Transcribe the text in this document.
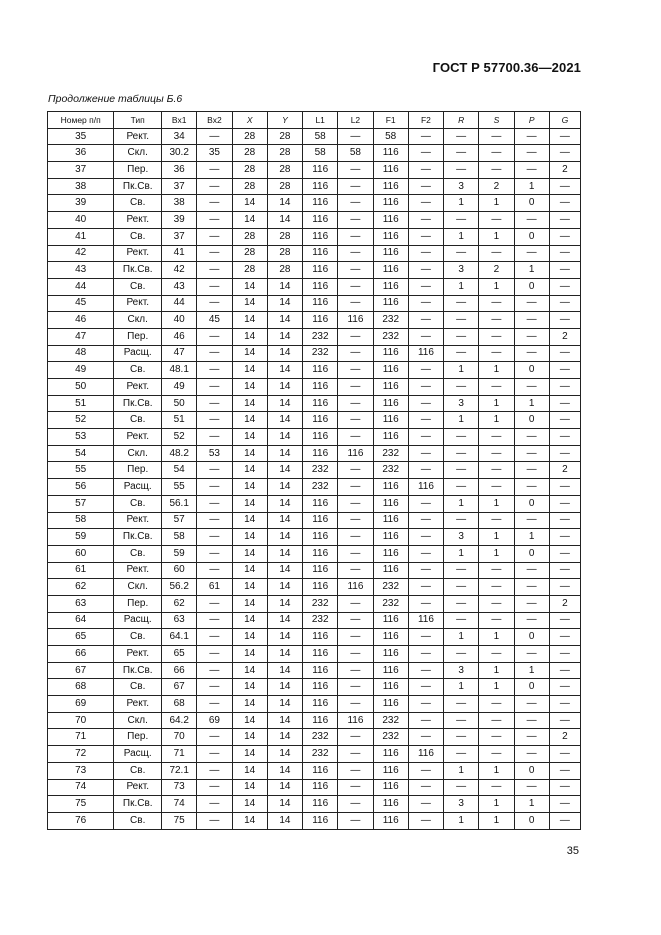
ГОСТ Р 57700.36—2021
Продолжение таблицы Б.6
Номер п/п	Тип	Вх1	Вх2	X	Y	L1	L2	F1	F2	R	S	P	G
35	Рект.	34	—	28	28	58	—	58	—	—	—	—	—
36	Скл.	30.2	35	28	28	58	58	116	—	—	—	—	—
37	Пер.	36	—	28	28	116	—	116	—	—	—	—	2
38	Пк.Св.	37	—	28	28	116	—	116	—	3	2	1	—
39	Св.	38	—	14	14	116	—	116	—	1	1	0	—
40	Рект.	39	—	14	14	116	—	116	—	—	—	—	—
41	Св.	37	—	28	28	116	—	116	—	1	1	0	—
42	Рект.	41	—	28	28	116	—	116	—	—	—	—	—
43	Пк.Св.	42	—	28	28	116	—	116	—	3	2	1	—
44	Св.	43	—	14	14	116	—	116	—	1	1	0	—
45	Рект.	44	—	14	14	116	—	116	—	—	—	—	—
46	Скл.	40	45	14	14	116	116	232	—	—	—	—	—
47	Пер.	46	—	14	14	232	—	232	—	—	—	—	2
48	Расщ.	47	—	14	14	232	—	116	116	—	—	—	—
49	Св.	48.1	—	14	14	116	—	116	—	1	1	0	—
50	Рект.	49	—	14	14	116	—	116	—	—	—	—	—
51	Пк.Св.	50	—	14	14	116	—	116	—	3	1	1	—
52	Св.	51	—	14	14	116	—	116	—	1	1	0	—
53	Рект.	52	—	14	14	116	—	116	—	—	—	—	—
54	Скл.	48.2	53	14	14	116	116	232	—	—	—	—	—
55	Пер.	54	—	14	14	232	—	232	—	—	—	—	2
56	Расщ.	55	—	14	14	232	—	116	116	—	—	—	—
57	Св.	56.1	—	14	14	116	—	116	—	1	1	0	—
58	Рект.	57	—	14	14	116	—	116	—	—	—	—	—
59	Пк.Св.	58	—	14	14	116	—	116	—	3	1	1	—
60	Св.	59	—	14	14	116	—	116	—	1	1	0	—
61	Рект.	60	—	14	14	116	—	116	—	—	—	—	—
62	Скл.	56.2	61	14	14	116	116	232	—	—	—	—	—
63	Пер.	62	—	14	14	232	—	232	—	—	—	—	2
64	Расщ.	63	—	14	14	232	—	116	116	—	—	—	—
65	Св.	64.1	—	14	14	116	—	116	—	1	1	0	—
66	Рект.	65	—	14	14	116	—	116	—	—	—	—	—
67	Пк.Св.	66	—	14	14	116	—	116	—	3	1	1	—
68	Св.	67	—	14	14	116	—	116	—	1	1	0	—
69	Рект.	68	—	14	14	116	—	116	—	—	—	—	—
70	Скл.	64.2	69	14	14	116	116	232	—	—	—	—	—
71	Пер.	70	—	14	14	232	—	232	—	—	—	—	2
72	Расщ.	71	—	14	14	232	—	116	116	—	—	—	—
73	Св.	72.1	—	14	14	116	—	116	—	1	1	0	—
74	Рект.	73	—	14	14	116	—	116	—	—	—	—	—
75	Пк.Св.	74	—	14	14	116	—	116	—	3	1	1	—
76	Св.	75	—	14	14	116	—	116	—	1	1	0	—
35
